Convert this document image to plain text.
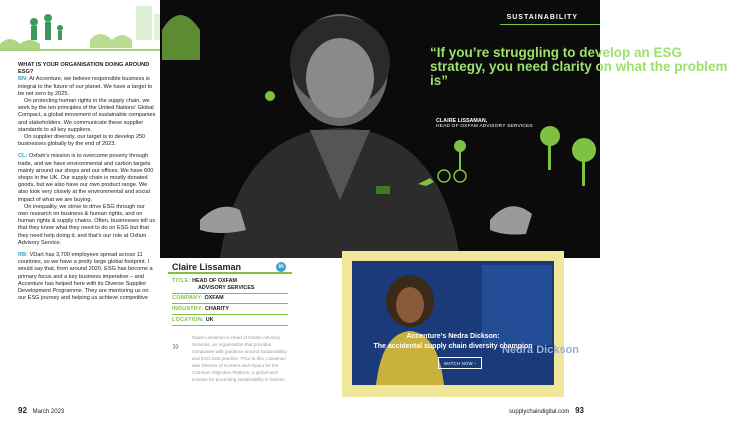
WHAT IS YOUR ORGANISATION DOING AROUND ESG?

BN: At Accenture, we believe responsible business is integral to the future of our planet. We have a target to be net zero by 2025.

On protecting human rights in the supply chain, we work by the ten principles of the United Nations’ Global Compact, a global movement of sustainable companies and stakeholders. We communicate these supplier standards to all key suppliers.

On supplier diversity, our target is to develop 250 businesses globally by the end of 2023.

CL: Oxfam’s mission is to overcome poverty through trade, and we have environmental and carbon targets mainly around our shops and our offices. We have 600 shops in the UK. Our supply chain is mostly donated goods, but we also have our own product range. We also look very closely at the environmental and social impact of what we are buying.

On inequality, we strive to drive ESG through our own research on business & human rights, and on human rights & supply chains. Often, businesses tell us that they know what they need to do on ESG but that they need help doing it, and that’s our role at Oxfam Advisory Service.

RB: VDart has 3,700 employees spread across 11 countries, so we have a pretty large global footprint. I would say that, from around 2020, ESG has become a primary focus and a key business imperative – and Accenture has helped here with its Diverse Supplier Development Programme. They are mentoring us on our ESG journey and helping us achieve competitive

SUSTAINABILITY
“If you’re struggling to develop an ESG strategy, you need clarity on what the problem is”
CLAIRE LISSAMAN,
HEAD OF OXFAM ADVISORY SERVICES
Claire Lissaman	in
TITLE: HEAD OF OXFAM
ADVISORY SERVICES
COMPANY: OXFAM
INDUSTRY: CHARITY
LOCATION: UK
»
Claire Lissaman is Head of Oxfam Advisory Services, an organisation that provides companies with guidance around sustainability and ESG best practice. Prior to this, Lissaman was Director of Content and Impact for the Common Objective Platform, a global tech solution for promoting sustainability in fashion.
Nedra Dickson
Accenture’s Nedra Dickson:
The accidental supply chain diversity champion
WATCH NOW ›
92 March 2023	supplychaindigital.com 93
